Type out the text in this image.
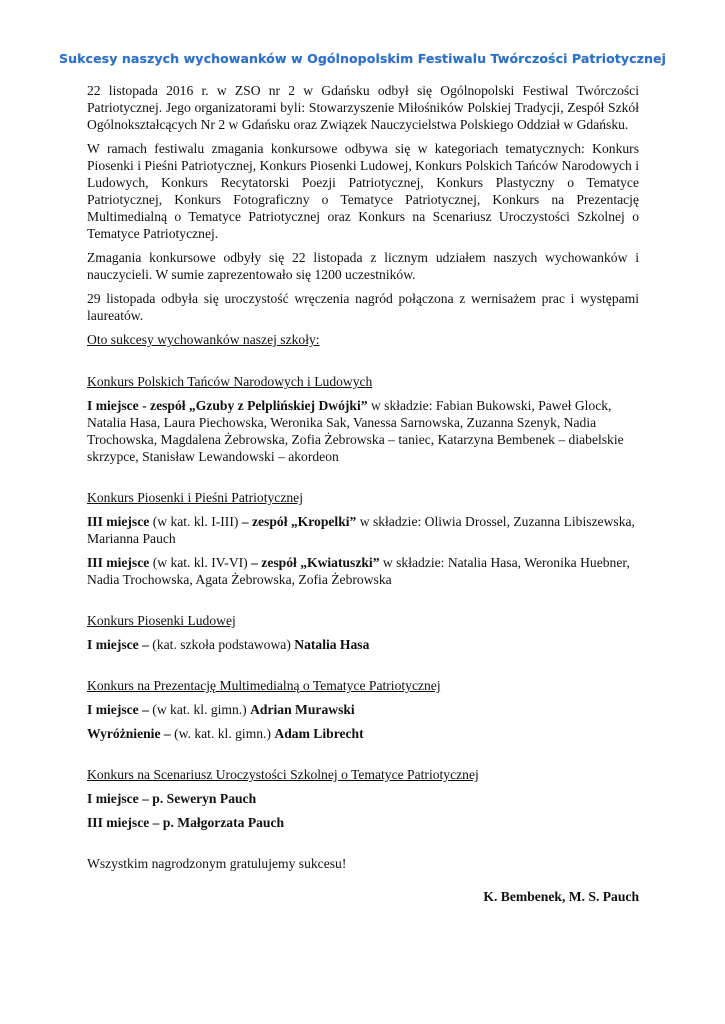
Sukcesy naszych wychowanków w Ogólnopolskim Festiwalu Twórczości Patriotycznej

22 listopada 2016 r. w ZSO nr 2 w Gdańsku odbył się Ogólnopolski Festiwal Twórczości Patriotycznej. Jego organizatorami byli: Stowarzyszenie Miłośników Polskiej Tradycji, Zespół Szkół Ogólnokształcących Nr 2 w Gdańsku oraz Związek Nauczycielstwa Polskiego Oddział w Gdańsku.

W ramach festiwalu zmagania konkursowe odbywa się w kategoriach tematycznych: Konkurs Piosenki i Pieśni Patriotycznej, Konkurs Piosenki Ludowej, Konkurs Polskich Tańców Narodowych i Ludowych, Konkurs Recytatorski Poezji Patriotycznej, Konkurs Plastyczny o Tematyce Patriotycznej, Konkurs Fotograficzny o Tematyce Patriotycznej, Konkurs na Prezentację Multimedialną o Tematyce Patriotycznej oraz Konkurs na Scenariusz Uroczystości Szkolnej o Tematyce Patriotycznej.

Zmagania konkursowe odbyły się 22 listopada z licznym udziałem naszych wychowanków i nauczycieli. W sumie zaprezentowało się 1200 uczestników.

29 listopada odbyła się uroczystość wręczenia nagród połączona z wernisażem prac i występami laureatów.

Oto sukcesy wychowanków naszej szkoły:

Konkurs Polskich Tańców Narodowych i Ludowych

I miejsce - zespół „Gzuby z Pelplińskiej Dwójki” w składzie: Fabian Bukowski, Paweł Glock, Natalia Hasa, Laura Piechowska, Weronika Sak, Vanessa Sarnowska, Zuzanna Szenyk, Nadia Trochowska, Magdalena Żebrowska, Zofia Żebrowska – taniec, Katarzyna Bembenek – diabelskie skrzypce, Stanisław Lewandowski – akordeon

Konkurs Piosenki i Pieśni Patriotycznej

III miejsce (w kat. kl. I-III) – zespół „Kropelki” w składzie: Oliwia Drossel, Zuzanna Libiszewska, Marianna Pauch

III miejsce (w kat. kl. IV-VI) – zespół „Kwiatuszki” w składzie: Natalia Hasa, Weronika Huebner, Nadia Trochowska, Agata Żebrowska, Zofia Żebrowska

Konkurs Piosenki Ludowej

I miejsce – (kat. szkoła podstawowa) Natalia Hasa

Konkurs na Prezentację Multimedialną o Tematyce Patriotycznej

I miejsce – (w kat. kl. gimn.) Adrian Murawski

Wyróżnienie – (w. kat. kl. gimn.) Adam Librecht

Konkurs na Scenariusz Uroczystości Szkolnej o Tematyce Patriotycznej

I miejsce – p. Seweryn Pauch

III miejsce – p. Małgorzata Pauch

Wszystkim nagrodzonym gratulujemy sukcesu!

K. Bembenek, M. S. Pauch
